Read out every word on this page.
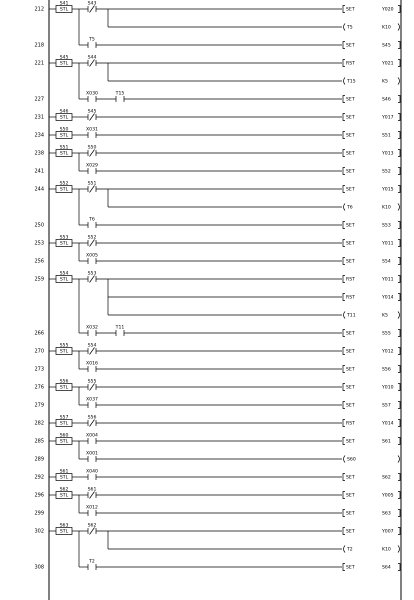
212	STL
S41	S43
SET	Y020
T5	K10
218
T5
SET	S45
221	STL
S45	S44
RST	Y021
T15	K5
227
X030	T15
SET	S46
231	STL
S46	S45
SET	Y017
234	STL
S50	X031
SET	S51
238	STL
S51	S50
SET	Y013
241
X029
SET	S52
244	STL
S52	S51
SET	Y015
T6	K10
250
T6
SET	S53
253	STL
S53	S52
SET	Y011
256
X005
SET	S54
259	STL
S54	S53
RST	Y011
RST	Y014
T11	K5
266
X032	T11
SET	S55
270	STL
S55	S54
SET	Y012
273
X016
SET	S56
276	STL
S56	S55
SET	Y010
279
X037
SET	S57
282	STL
S57	S56
RST	Y014
285	STL
S60	X004
SET	S61
289
X001
S60
292	STL
S61	X040
SET	S62
296	STL
S62	S61
SET	Y005
299
X012
SET	S63
302	STL
S63	S62
SET	Y007
T2	K10
308
T2
SET	S64
